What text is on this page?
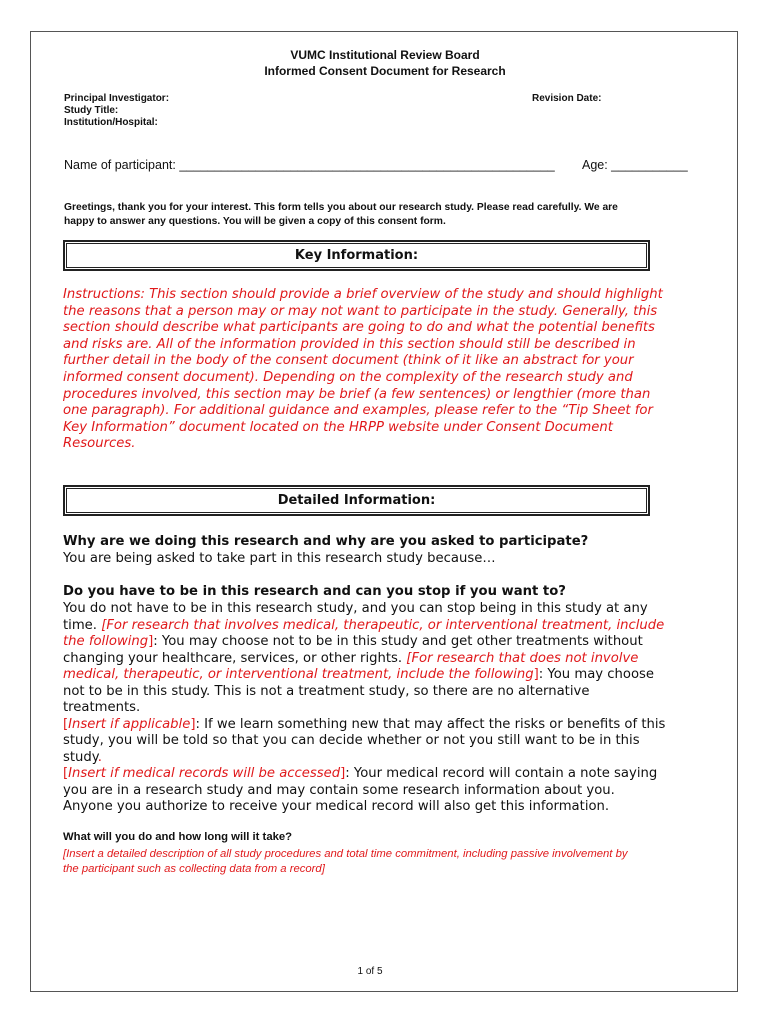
VUMC Institutional Review Board
Informed Consent Document for Research
Principal Investigator:
Study Title:
Institution/Hospital:
Revision Date:
Name of participant: ______________________________________________________ Age: ___________
Greetings, thank you for your interest. This form tells you about our research study. Please read carefully. We are
happy to answer any questions. You will be given a copy of this consent form.
Key Information:
Instructions: This section should provide a brief overview of the study and should highlight
the reasons that a person may or may not want to participate in the study. Generally, this
section should describe what participants are going to do and what the potential benefits
and risks are. All of the information provided in this section should still be described in
further detail in the body of the consent document (think of it like an abstract for your
informed consent document). Depending on the complexity of the research study and
procedures involved, this section may be brief (a few sentences) or lengthier (more than
one paragraph). For additional guidance and examples, please refer to the “Tip Sheet for
Key Information” document located on the HRPP website under Consent Document
Resources.
Detailed Information:
Why are we doing this research and why are you asked to participate?
You are being asked to take part in this research study because…
Do you have to be in this research and can you stop if you want to?
You do not have to be in this research study, and you can stop being in this study at any
time. [For research that involves medical, therapeutic, or interventional treatment, include
the following]: You may choose not to be in this study and get other treatments without
changing your healthcare, services, or other rights. [For research that does not involve
medical, therapeutic, or interventional treatment, include the following]: You may choose
not to be in this study. This is not a treatment study, so there are no alternative
treatments.
[Insert if applicable]: If we learn something new that may affect the risks or benefits of this
study, you will be told so that you can decide whether or not you still want to be in this
study.
[Insert if medical records will be accessed]: Your medical record will contain a note saying
you are in a research study and may contain some research information about you.
Anyone you authorize to receive your medical record will also get this information.
What will you do and how long will it take?
[Insert a detailed description of all study procedures and total time commitment, including passive involvement by
the participant such as collecting data from a record]
1 of 5
